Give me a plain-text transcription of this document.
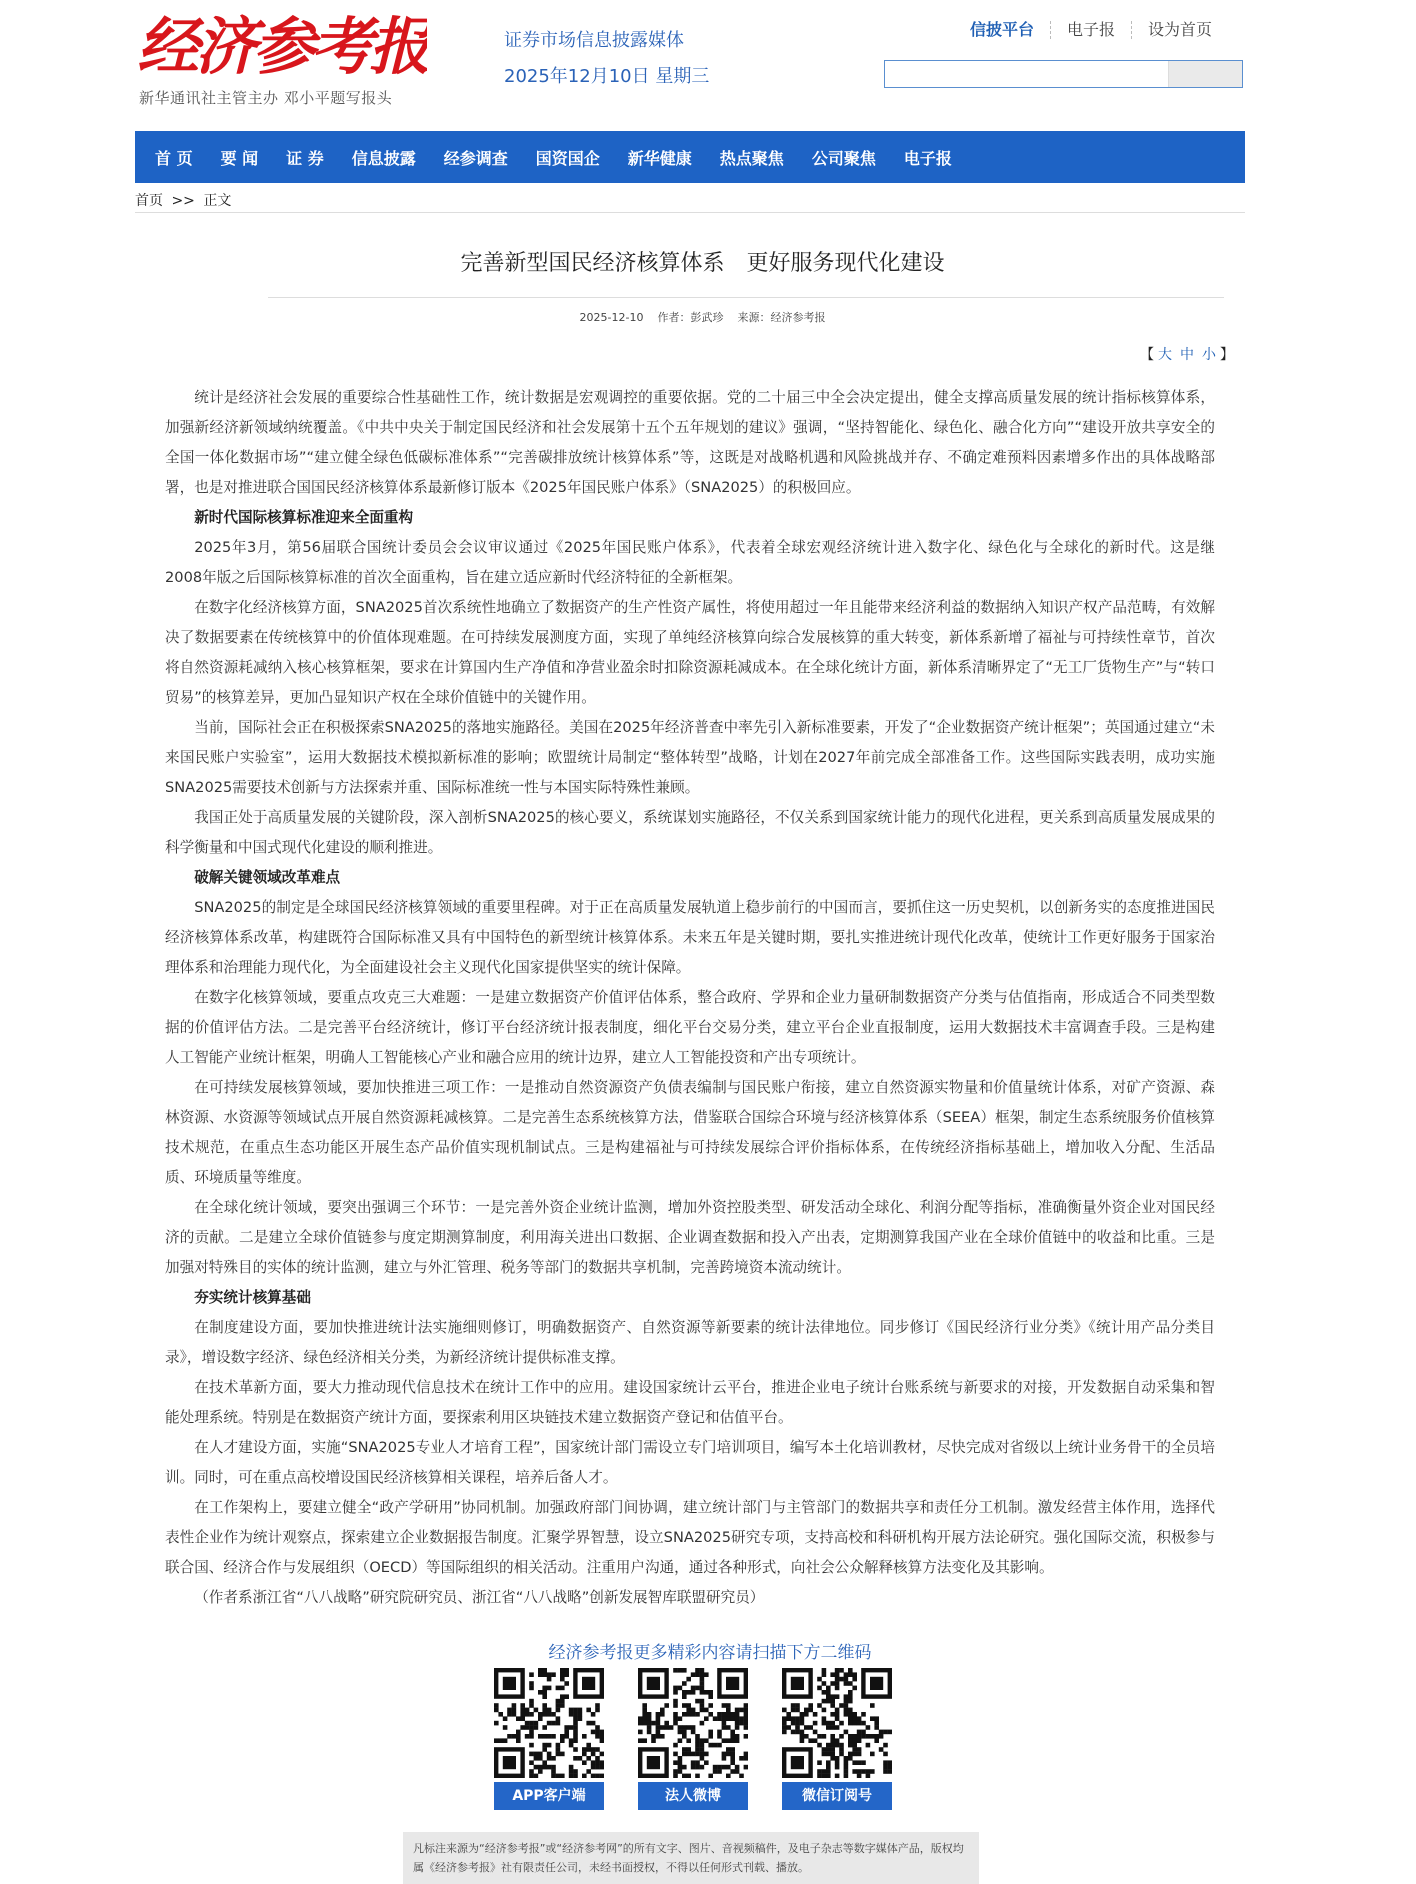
经济参考报
新华通讯社主管主办 邓小平题写报头
证券市场信息披露媒体
2025年12月10日 星期三
信披平台	电子报	设为首页
首 页 要 闻 证 券 信息披露 经参调查 国资国企 新华健康 热点聚焦 公司聚焦 电子报
首页 >> 正文
完善新型国民经济核算体系　更好服务现代化建设
2025-12-10    作者：彭武珍    来源：经济参考报
【 大 中 小 】

统计是经济社会发展的重要综合性基础性工作，统计数据是宏观调控的重要依据。党的二十届三中全会决定提出，健全支撑高质量发展的统计指标核算体系，加强新经济新领域纳统覆盖。《中共中央关于制定国民经济和社会发展第十五个五年规划的建议》强调，“坚持智能化、绿色化、融合化方向”“建设开放共享安全的全国一体化数据市场”“建立健全绿色低碳标准体系”“完善碳排放统计核算体系”等，这既是对战略机遇和风险挑战并存、不确定难预料因素增多作出的具体战略部署，也是对推进联合国国民经济核算体系最新修订版本《2025年国民账户体系》（SNA2025）的积极回应。

新时代国际核算标准迎来全面重构

2025年3月，第56届联合国统计委员会会议审议通过《2025年国民账户体系》，代表着全球宏观经济统计进入数字化、绿色化与全球化的新时代。这是继2008年版之后国际核算标准的首次全面重构，旨在建立适应新时代经济特征的全新框架。

在数字化经济核算方面，SNA2025首次系统性地确立了数据资产的生产性资产属性，将使用超过一年且能带来经济利益的数据纳入知识产权产品范畴，有效解决了数据要素在传统核算中的价值体现难题。在可持续发展测度方面，实现了单纯经济核算向综合发展核算的重大转变，新体系新增了福祉与可持续性章节，首次将自然资源耗减纳入核心核算框架，要求在计算国内生产净值和净营业盈余时扣除资源耗减成本。在全球化统计方面，新体系清晰界定了“无工厂货物生产”与“转口贸易”的核算差异，更加凸显知识产权在全球价值链中的关键作用。

当前，国际社会正在积极探索SNA2025的落地实施路径。美国在2025年经济普查中率先引入新标准要素，开发了“企业数据资产统计框架”；英国通过建立“未来国民账户实验室”，运用大数据技术模拟新标准的影响；欧盟统计局制定“整体转型”战略，计划在2027年前完成全部准备工作。这些国际实践表明，成功实施SNA2025需要技术创新与方法探索并重、国际标准统一性与本国实际特殊性兼顾。

我国正处于高质量发展的关键阶段，深入剖析SNA2025的核心要义，系统谋划实施路径，不仅关系到国家统计能力的现代化进程，更关系到高质量发展成果的科学衡量和中国式现代化建设的顺利推进。

破解关键领域改革难点

SNA2025的制定是全球国民经济核算领域的重要里程碑。对于正在高质量发展轨道上稳步前行的中国而言，要抓住这一历史契机，以创新务实的态度推进国民经济核算体系改革，构建既符合国际标准又具有中国特色的新型统计核算体系。未来五年是关键时期，要扎实推进统计现代化改革，使统计工作更好服务于国家治理体系和治理能力现代化，为全面建设社会主义现代化国家提供坚实的统计保障。

在数字化核算领域，要重点攻克三大难题：一是建立数据资产价值评估体系，整合政府、学界和企业力量研制数据资产分类与估值指南，形成适合不同类型数据的价值评估方法。二是完善平台经济统计，修订平台经济统计报表制度，细化平台交易分类，建立平台企业直报制度，运用大数据技术丰富调查手段。三是构建人工智能产业统计框架，明确人工智能核心产业和融合应用的统计边界，建立人工智能投资和产出专项统计。

在可持续发展核算领域，要加快推进三项工作：一是推动自然资源资产负债表编制与国民账户衔接，建立自然资源实物量和价值量统计体系，对矿产资源、森林资源、水资源等领域试点开展自然资源耗减核算。二是完善生态系统核算方法，借鉴联合国综合环境与经济核算体系（SEEA）框架，制定生态系统服务价值核算技术规范，在重点生态功能区开展生态产品价值实现机制试点。三是构建福祉与可持续发展综合评价指标体系，在传统经济指标基础上，增加收入分配、生活品质、环境质量等维度。

在全球化统计领域，要突出强调三个环节：一是完善外资企业统计监测，增加外资控股类型、研发活动全球化、利润分配等指标，准确衡量外资企业对国民经济的贡献。二是建立全球价值链参与度定期测算制度，利用海关进出口数据、企业调查数据和投入产出表，定期测算我国产业在全球价值链中的收益和比重。三是加强对特殊目的实体的统计监测，建立与外汇管理、税务等部门的数据共享机制，完善跨境资本流动统计。

夯实统计核算基础

在制度建设方面，要加快推进统计法实施细则修订，明确数据资产、自然资源等新要素的统计法律地位。同步修订《国民经济行业分类》《统计用产品分类目录》，增设数字经济、绿色经济相关分类，为新经济统计提供标准支撑。

在技术革新方面，要大力推动现代信息技术在统计工作中的应用。建设国家统计云平台，推进企业电子统计台账系统与新要求的对接，开发数据自动采集和智能处理系统。特别是在数据资产统计方面，要探索利用区块链技术建立数据资产登记和估值平台。

在人才建设方面，实施“SNA2025专业人才培育工程”，国家统计部门需设立专门培训项目，编写本土化培训教材，尽快完成对省级以上统计业务骨干的全员培训。同时，可在重点高校增设国民经济核算相关课程，培养后备人才。

在工作架构上，要建立健全“政产学研用”协同机制。加强政府部门间协调，建立统计部门与主管部门的数据共享和责任分工机制。激发经营主体作用，选择代表性企业作为统计观察点，探索建立企业数据报告制度。汇聚学界智慧，设立SNA2025研究专项，支持高校和科研机构开展方法论研究。强化国际交流，积极参与联合国、经济合作与发展组织（OECD）等国际组织的相关活动。注重用户沟通，通过各种形式，向社会公众解释核算方法变化及其影响。

（作者系浙江省“八八战略”研究院研究员、浙江省“八八战略”创新发展智库联盟研究员）

经济参考报更多精彩内容请扫描下方二维码
APP客户端	法人微博	微信订阅号
凡标注来源为“经济参考报”或“经济参考网”的所有文字、图片、音视频稿件，及电子杂志等数字媒体产品，版权均属《经济参考报》社有限责任公司，未经书面授权，不得以任何形式刊载、播放。
